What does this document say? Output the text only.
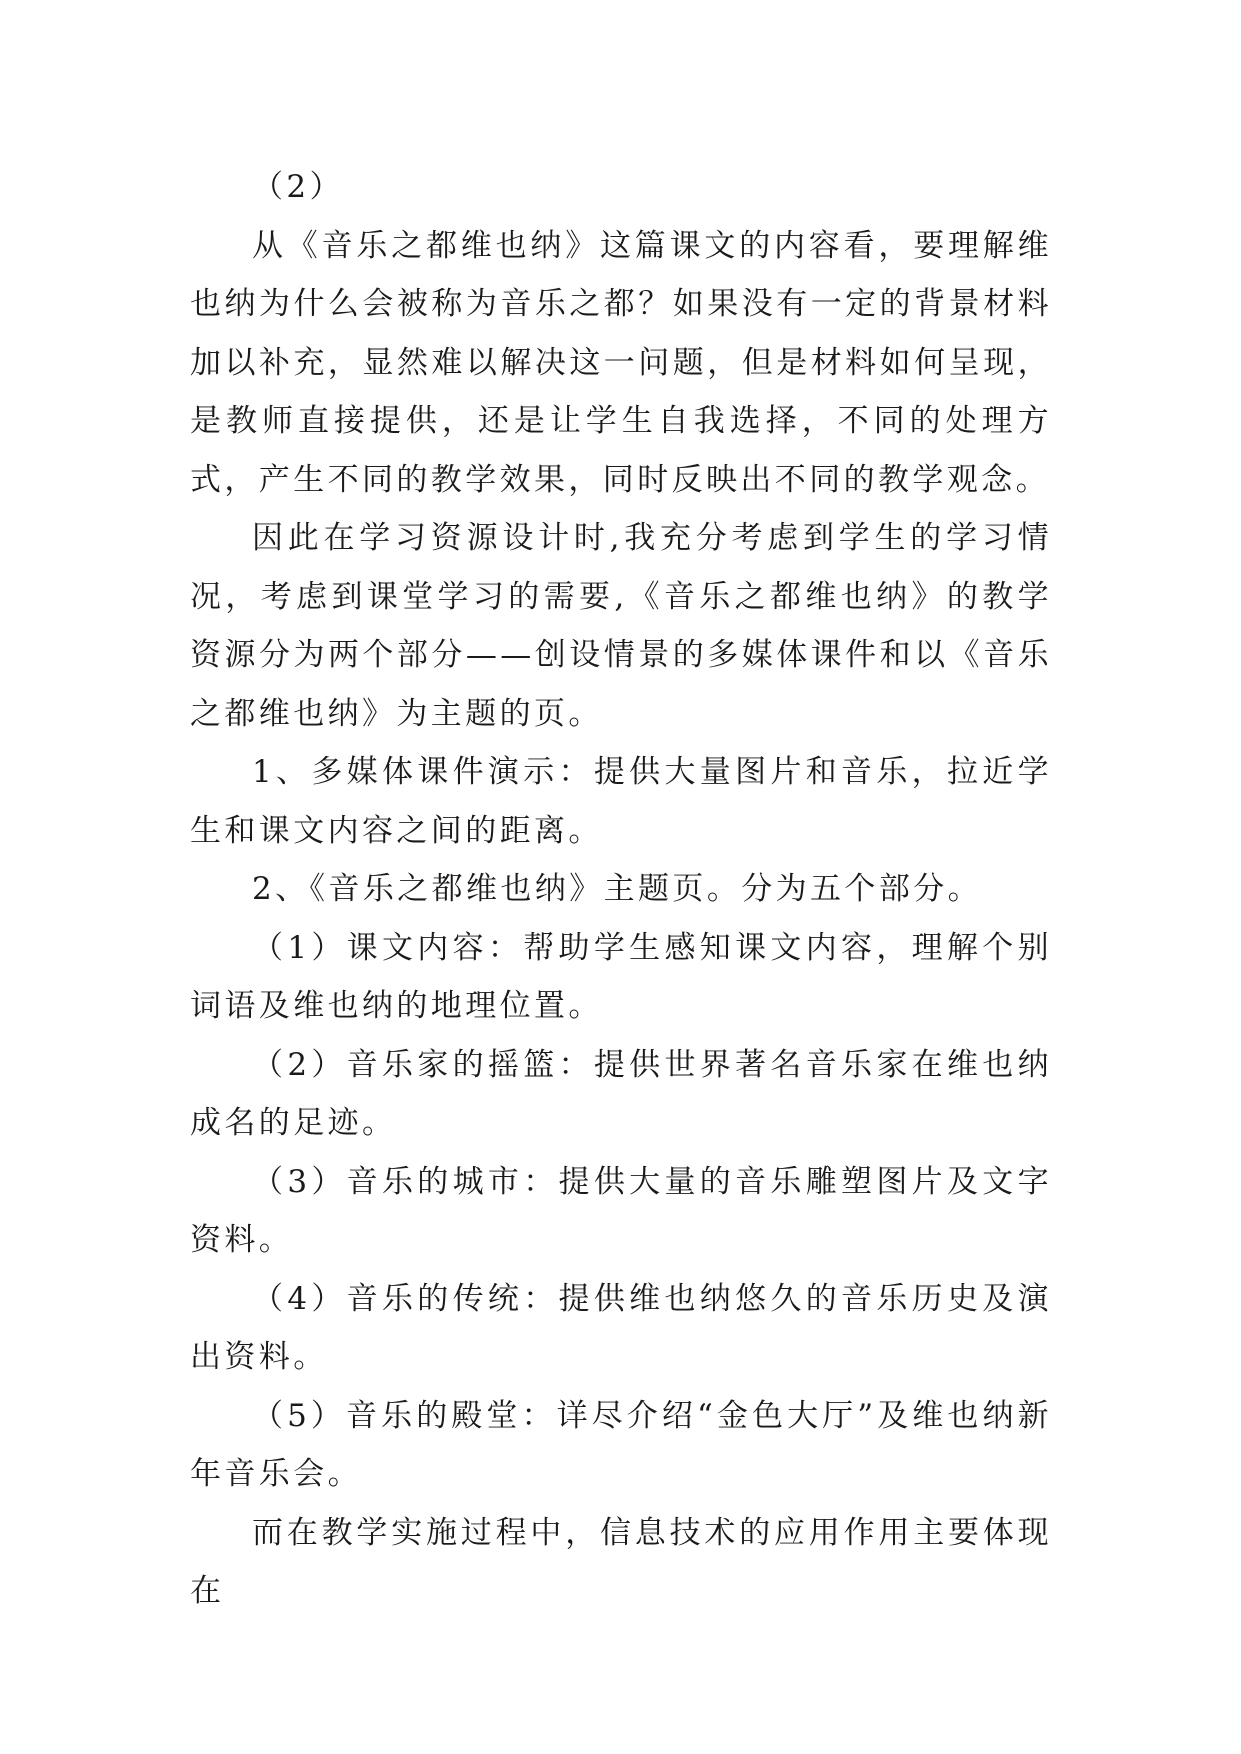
（2）

从《音乐之都维也纳》这篇课文的内容看，要理解维也纳为什么会被称为音乐之都？如果没有一定的背景材料加以补充，显然难以解决这一问题，但是材料如何呈现，是教师直接提供，还是让学生自我选择，不同的处理方式，产生不同的教学效果，同时反映出不同的教学观念。

因此在学习资源设计时,我充分考虑到学生的学习情况，考虑到课堂学习的需要,《音乐之都维也纳》的教学资源分为两个部分——创设情景的多媒体课件和以《音乐之都维也纳》为主题的页。

1、多媒体课件演示：提供大量图片和音乐，拉近学生和课文内容之间的距离。

2、《音乐之都维也纳》主题页。分为五个部分。

（1）课文内容：帮助学生感知课文内容，理解个别词语及维也纳的地理位置。

（2）音乐家的摇篮：提供世界著名音乐家在维也纳成名的足迹。

（3）音乐的城市：提供大量的音乐雕塑图片及文字资料。

（4）音乐的传统：提供维也纳悠久的音乐历史及演出资料。

（5）音乐的殿堂：详尽介绍“金色大厅”及维也纳新年音乐会。

而在教学实施过程中，信息技术的应用作用主要体现在
